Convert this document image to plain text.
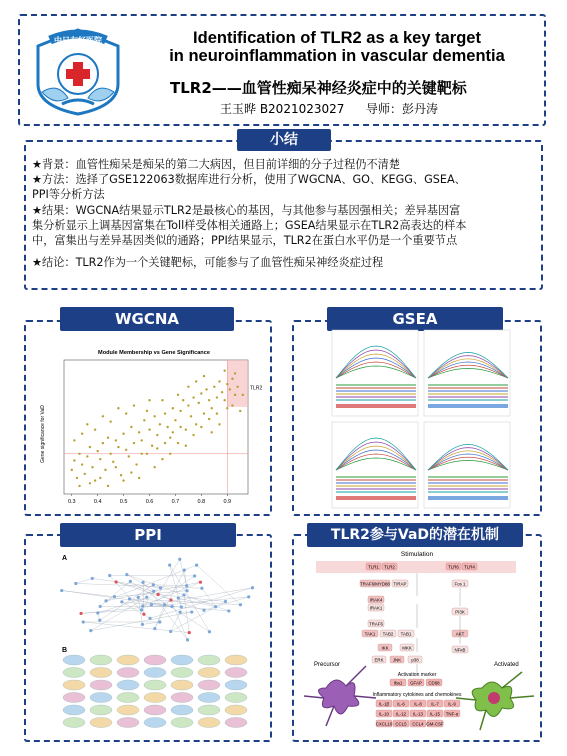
中日友好医院	Identification of TLR2 as a key target
in neuroinflammation in vascular dementia
TLR2——血管性痴呆神经炎症中的关键靶标
王玉晔 B2021023027 导师：彭丹涛

★背景：血管性痴呆是痴呆的第二大病因，但目前详细的分子过程仍不清楚

★方法：选择了GSE122063数据库进行分析，使用了WGCNA、GO、KEGG、GSEA、

PPI等分析方法

★结果：WGCNA结果显示TLR2是最核心的基因，与其他参与基因强相关；差异基因富

集分析显示上调基因富集在Toll样受体相关通路上；GSEA结果显示在TLR2高表达的样本

中，富集出与差异基因类似的通路；PPI结果显示，TLR2在蛋白水平仍是一个重要节点

★结论：TLR2作为一个关键靶标，可能参与了血管性痴呆神经炎症过程

小结
WGCNA
Module Membership vs Gene Significance
Gene significance for VaD
TLR2
0.3	0.4	0.5	0.6	0.7	0.8	0.9
GSEA
PPI
A
B
TLR2参与VaD的潜在机制
Stimulation
TLR1 TLR2	TLR6 TLR4
TRAF6/MYD88 TIRAP	Fos 1
IRAK4
IRAK1
TRAF6
TAK1 TAB2 TAB1
IKK	MKK
ERK JNK p38
PI3K
AKT
NFκB
Iba1 GFAP CD68
IL-1β IL-6 IL-8 IL-7 IL-9
IL-10 IL-12 IL-13 IL-15 TNF-α
CXCL10 CCL5 CCL4 GM-CSF
Precursor	Activated
Activation marker
Inflammatory cytokines and chemokines
